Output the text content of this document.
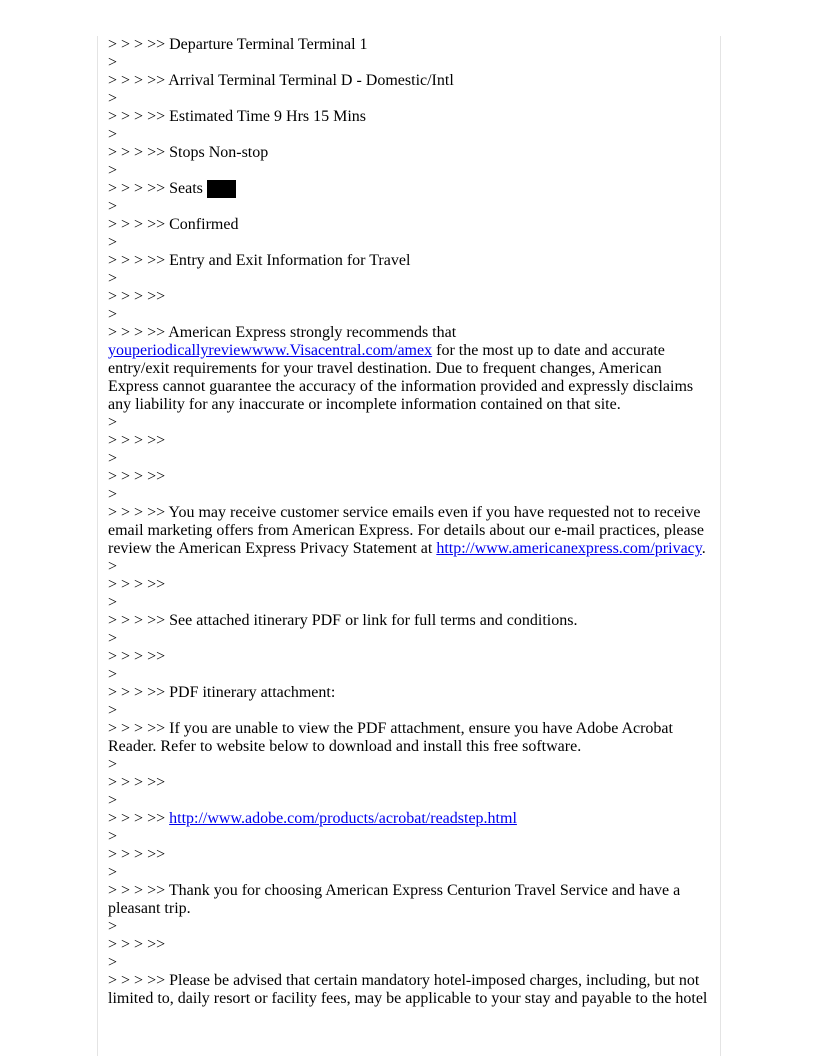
> > > >> Departure Terminal Terminal 1

>

> > > >> Arrival Terminal Terminal D - Domestic/Intl

>

> > > >> Estimated Time 9 Hrs 15 Mins

>

> > > >> Stops Non-stop

>

> > > >> Seats

>

> > > >> Confirmed

>

> > > >> Entry and Exit Information for Travel

>

> > > >>

>

> > > >> American Express strongly recommends that
youperiodicallyreviewwww.Visacentral.com/amex for the most up to date and accurate entry/exit requirements for your travel destination. Due to frequent changes, American Express cannot guarantee the accuracy of the information provided and expressly disclaims any liability for any inaccurate or incomplete information contained on that site.

>

> > > >>

>

> > > >>

>

> > > >> You may receive customer service emails even if you have requested not to receive email marketing offers from American Express. For details about our e-mail practices, please review the American Express Privacy Statement at http://www.americanexpress.com/privacy.

>

> > > >>

>

> > > >> See attached itinerary PDF or link for full terms and conditions.

>

> > > >>

>

> > > >> PDF itinerary attachment:

>

> > > >> If you are unable to view the PDF attachment, ensure you have Adobe Acrobat Reader. Refer to website below to download and install this free software.

>

> > > >>

>

> > > >> http://www.adobe.com/products/acrobat/readstep.html

>

> > > >>

>

> > > >> Thank you for choosing American Express Centurion Travel Service and have a pleasant trip.

>

> > > >>

>

> > > >> Please be advised that certain mandatory hotel-imposed charges, including, but not limited to, daily resort or facility fees, may be applicable to your stay and payable to the hotel
